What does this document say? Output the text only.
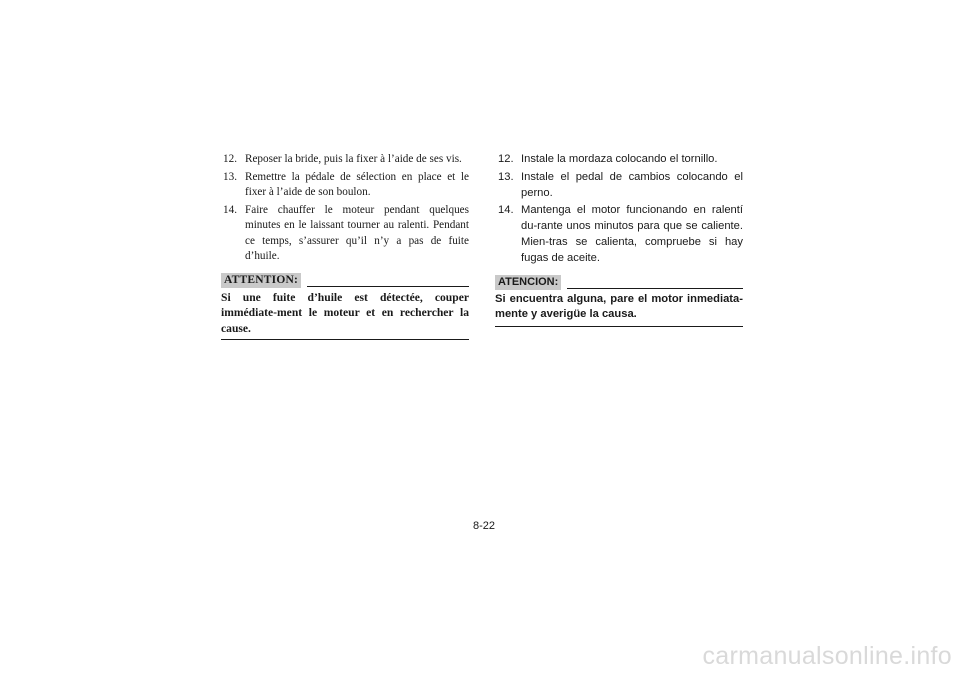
12. Reposer la bride, puis la fixer à l’aide de ses vis.
13. Remettre la pédale de sélection en place et le fixer à l’aide de son boulon.
14. Faire chauffer le moteur pendant quelques minutes en le laissant tourner au ralenti. Pendant ce temps, s’assurer qu’il n’y a pas de fuite d’huile.
ATTENTION:
Si une fuite d’huile est détectée, couper immédiate-ment le moteur et en rechercher la cause.
12. Instale la mordaza colocando el tornillo.
13. Instale el pedal de cambios colocando el perno.
14. Mantenga el motor funcionando en ralentí du-rante unos minutos para que se caliente. Mien-tras se calienta, compruebe si hay fugas de aceite.
ATENCION:
Si encuentra alguna, pare el motor inmediata-mente y averigüe la causa.
8-22
carmanualsonline.info
